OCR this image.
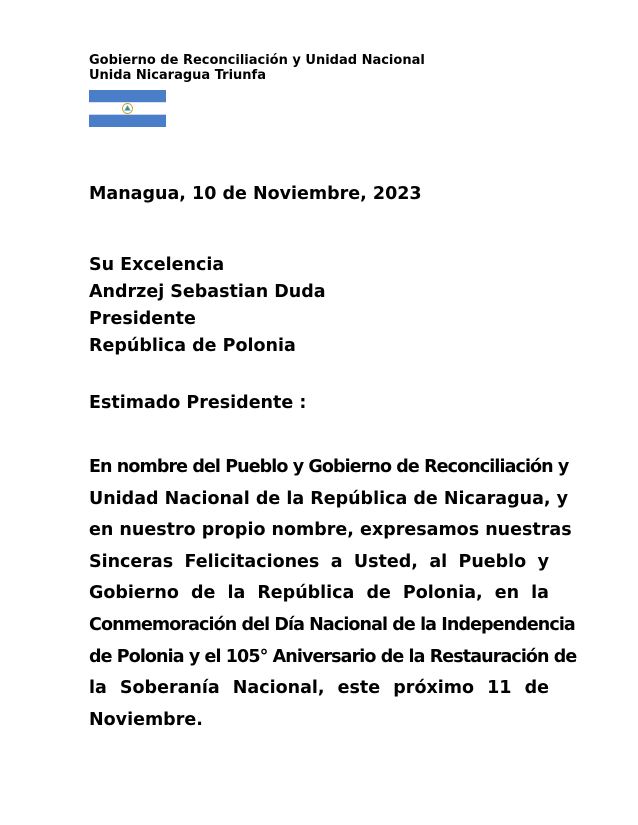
Gobierno de Reconciliación y Unidad Nacional
Unida Nicaragua Triunfa
Managua, 10 de Noviembre, 2023
Su Excelencia
Andrzej Sebastian Duda
Presidente
República de Polonia
Estimado Presidente :
En nombre del Pueblo y Gobierno de Reconciliación y
Unidad Nacional de la República de Nicaragua, y
en nuestro propio nombre, expresamos nuestras
Sinceras Felicitaciones a Usted, al Pueblo y
Gobierno de la República de Polonia, en la
Conmemoración del Día Nacional de la Independencia
de Polonia y el 105° Aniversario de la Restauración de
la Soberanía Nacional, este próximo 11 de
Noviembre.
